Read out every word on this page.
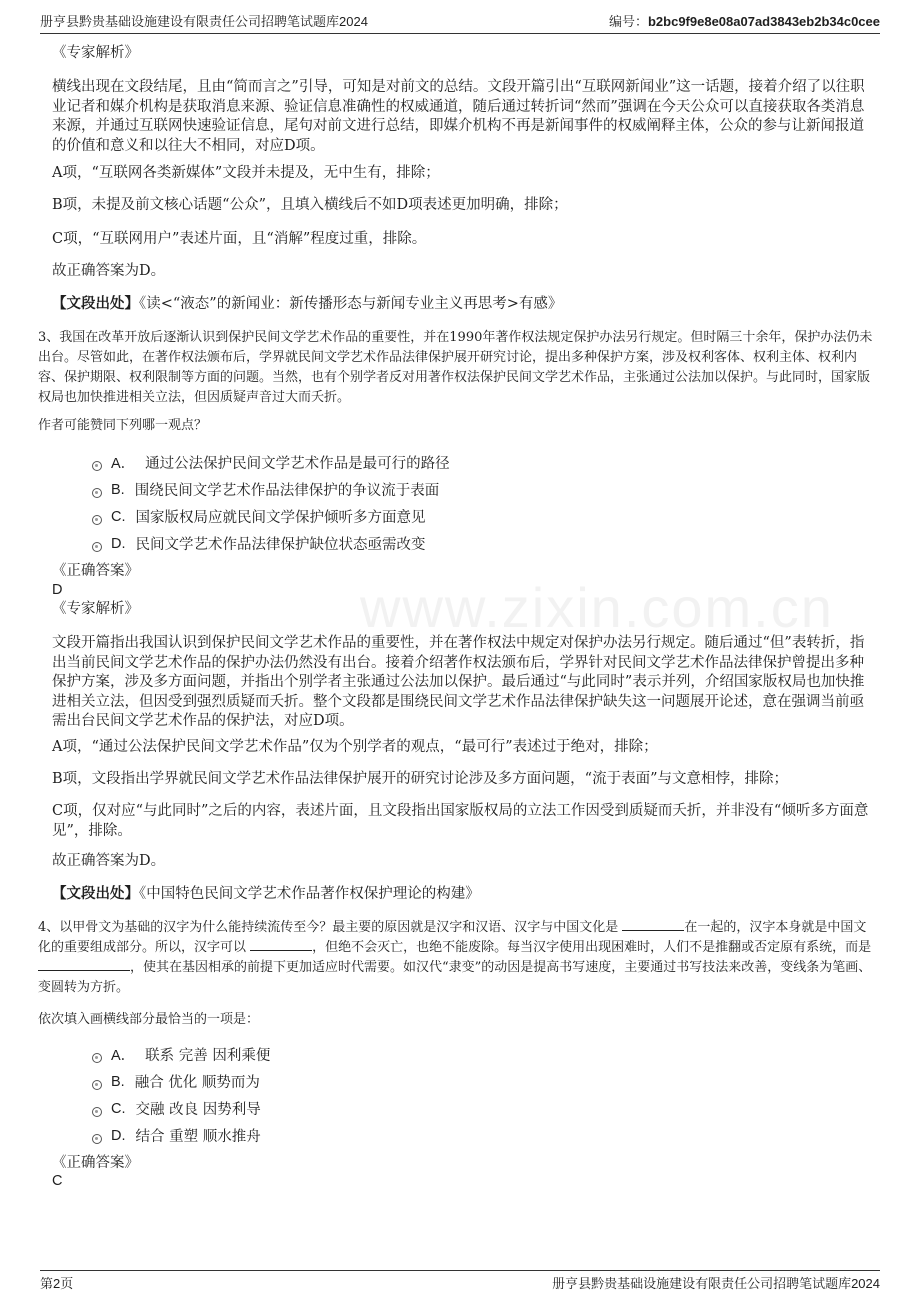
册亨县黔贵基础设施建设有限责任公司招聘笔试题库2024	编号：b2bc9f9e8e08a07ad3843eb2b34c0cee
www.zixin.com.cn

《专家解析》

横线出现在文段结尾，且由“简而言之”引导，可知是对前文的总结。文段开篇引出“互联网新闻业”这一话题，接着介绍了以往职业记者和媒介机构是获取消息来源、验证信息准确性的权威通道，随后通过转折词“然而”强调在今天公众可以直接获取各类消息来源，并通过互联网快速验证信息，尾句对前文进行总结，即媒介机构不再是新闻事件的权威阐释主体，公众的参与让新闻报道的价值和意义和以往大不相同，对应D项。

A项，“互联网各类新媒体”文段并未提及，无中生有，排除；

B项，未提及前文核心话题“公众”，且填入横线后不如D项表述更加明确，排除；

C项，“互联网用户”表述片面，且“消解”程度过重，排除。

故正确答案为D。

【文段出处】《读<“液态”的新闻业：新传播形态与新闻专业主义再思考>有感》

3、我国在改革开放后逐渐认识到保护民间文学艺术作品的重要性，并在1990年著作权法规定保护办法另行规定。但时隔三十余年，保护办法仍未出台。尽管如此，在著作权法颁布后，学界就民间文学艺术作品法律保护展开研究讨论，提出多种保护方案，涉及权利客体、权利主体、权利内容、保护期限、权利限制等方面的问题。当然，也有个别学者反对用著作权法保护民间文学艺术作品，主张通过公法加以保护。与此同时，国家版权局也加快推进相关立法，但因质疑声音过大而夭折。

作者可能赞同下列哪一观点？

A． 通过公法保护民间文学艺术作品是最可行的路径
B. 围绕民间文学艺术作品法律保护的争议流于表面
C. 国家版权局应就民间文学保护倾听多方面意见
D. 民间文学艺术作品法律保护缺位状态亟需改变

《正确答案》

D

《专家解析》

文段开篇指出我国认识到保护民间文学艺术作品的重要性，并在著作权法中规定对保护办法另行规定。随后通过“但”表转折，指出当前民间文学艺术作品的保护办法仍然没有出台。接着介绍著作权法颁布后，学界针对民间文学艺术作品法律保护曾提出多种保护方案，涉及多方面问题，并指出个别学者主张通过公法加以保护。最后通过“与此同时”表示并列，介绍国家版权局也加快推进相关立法，但因受到强烈质疑而夭折。整个文段都是围绕民间文学艺术作品法律保护缺失这一问题展开论述，意在强调当前亟需出台民间文学艺术作品的保护法，对应D项。

A项，“通过公法保护民间文学艺术作品”仅为个别学者的观点，“最可行”表述过于绝对，排除；

B项，文段指出学界就民间文学艺术作品法律保护展开的研究讨论涉及多方面问题，“流于表面”与文意相悖，排除；

C项，仅对应“与此同时”之后的内容，表述片面，且文段指出国家版权局的立法工作因受到质疑而夭折，并非没有“倾听多方面意见”，排除。

故正确答案为D。

【文段出处】《中国特色民间文学艺术作品著作权保护理论的构建》

4、以甲骨文为基础的汉字为什么能持续流传至今？最主要的原因就是汉字和汉语、汉字与中国文化是	在一起的，汉字本身就是中国文化的重要组成部分。所以，汉字可以	，但绝不会灭亡，也绝不能废除。每当汉字使用出现困难时，人们不是推翻或否定原有系统，而是 ，使其在基因相承的前提下更加适应时代需要。如汉代“隶变”的动因是提高书写速度，主要通过书写技法来改善，变线条为笔画、变圆转为方折。

依次填入画横线部分最恰当的一项是：

A． 联系 完善 因利乘便
B. 融合 优化 顺势而为
C. 交融 改良 因势利导
D. 结合 重塑 顺水推舟

《正确答案》

C

第2页	册亨县黔贵基础设施建设有限责任公司招聘笔试题库2024
